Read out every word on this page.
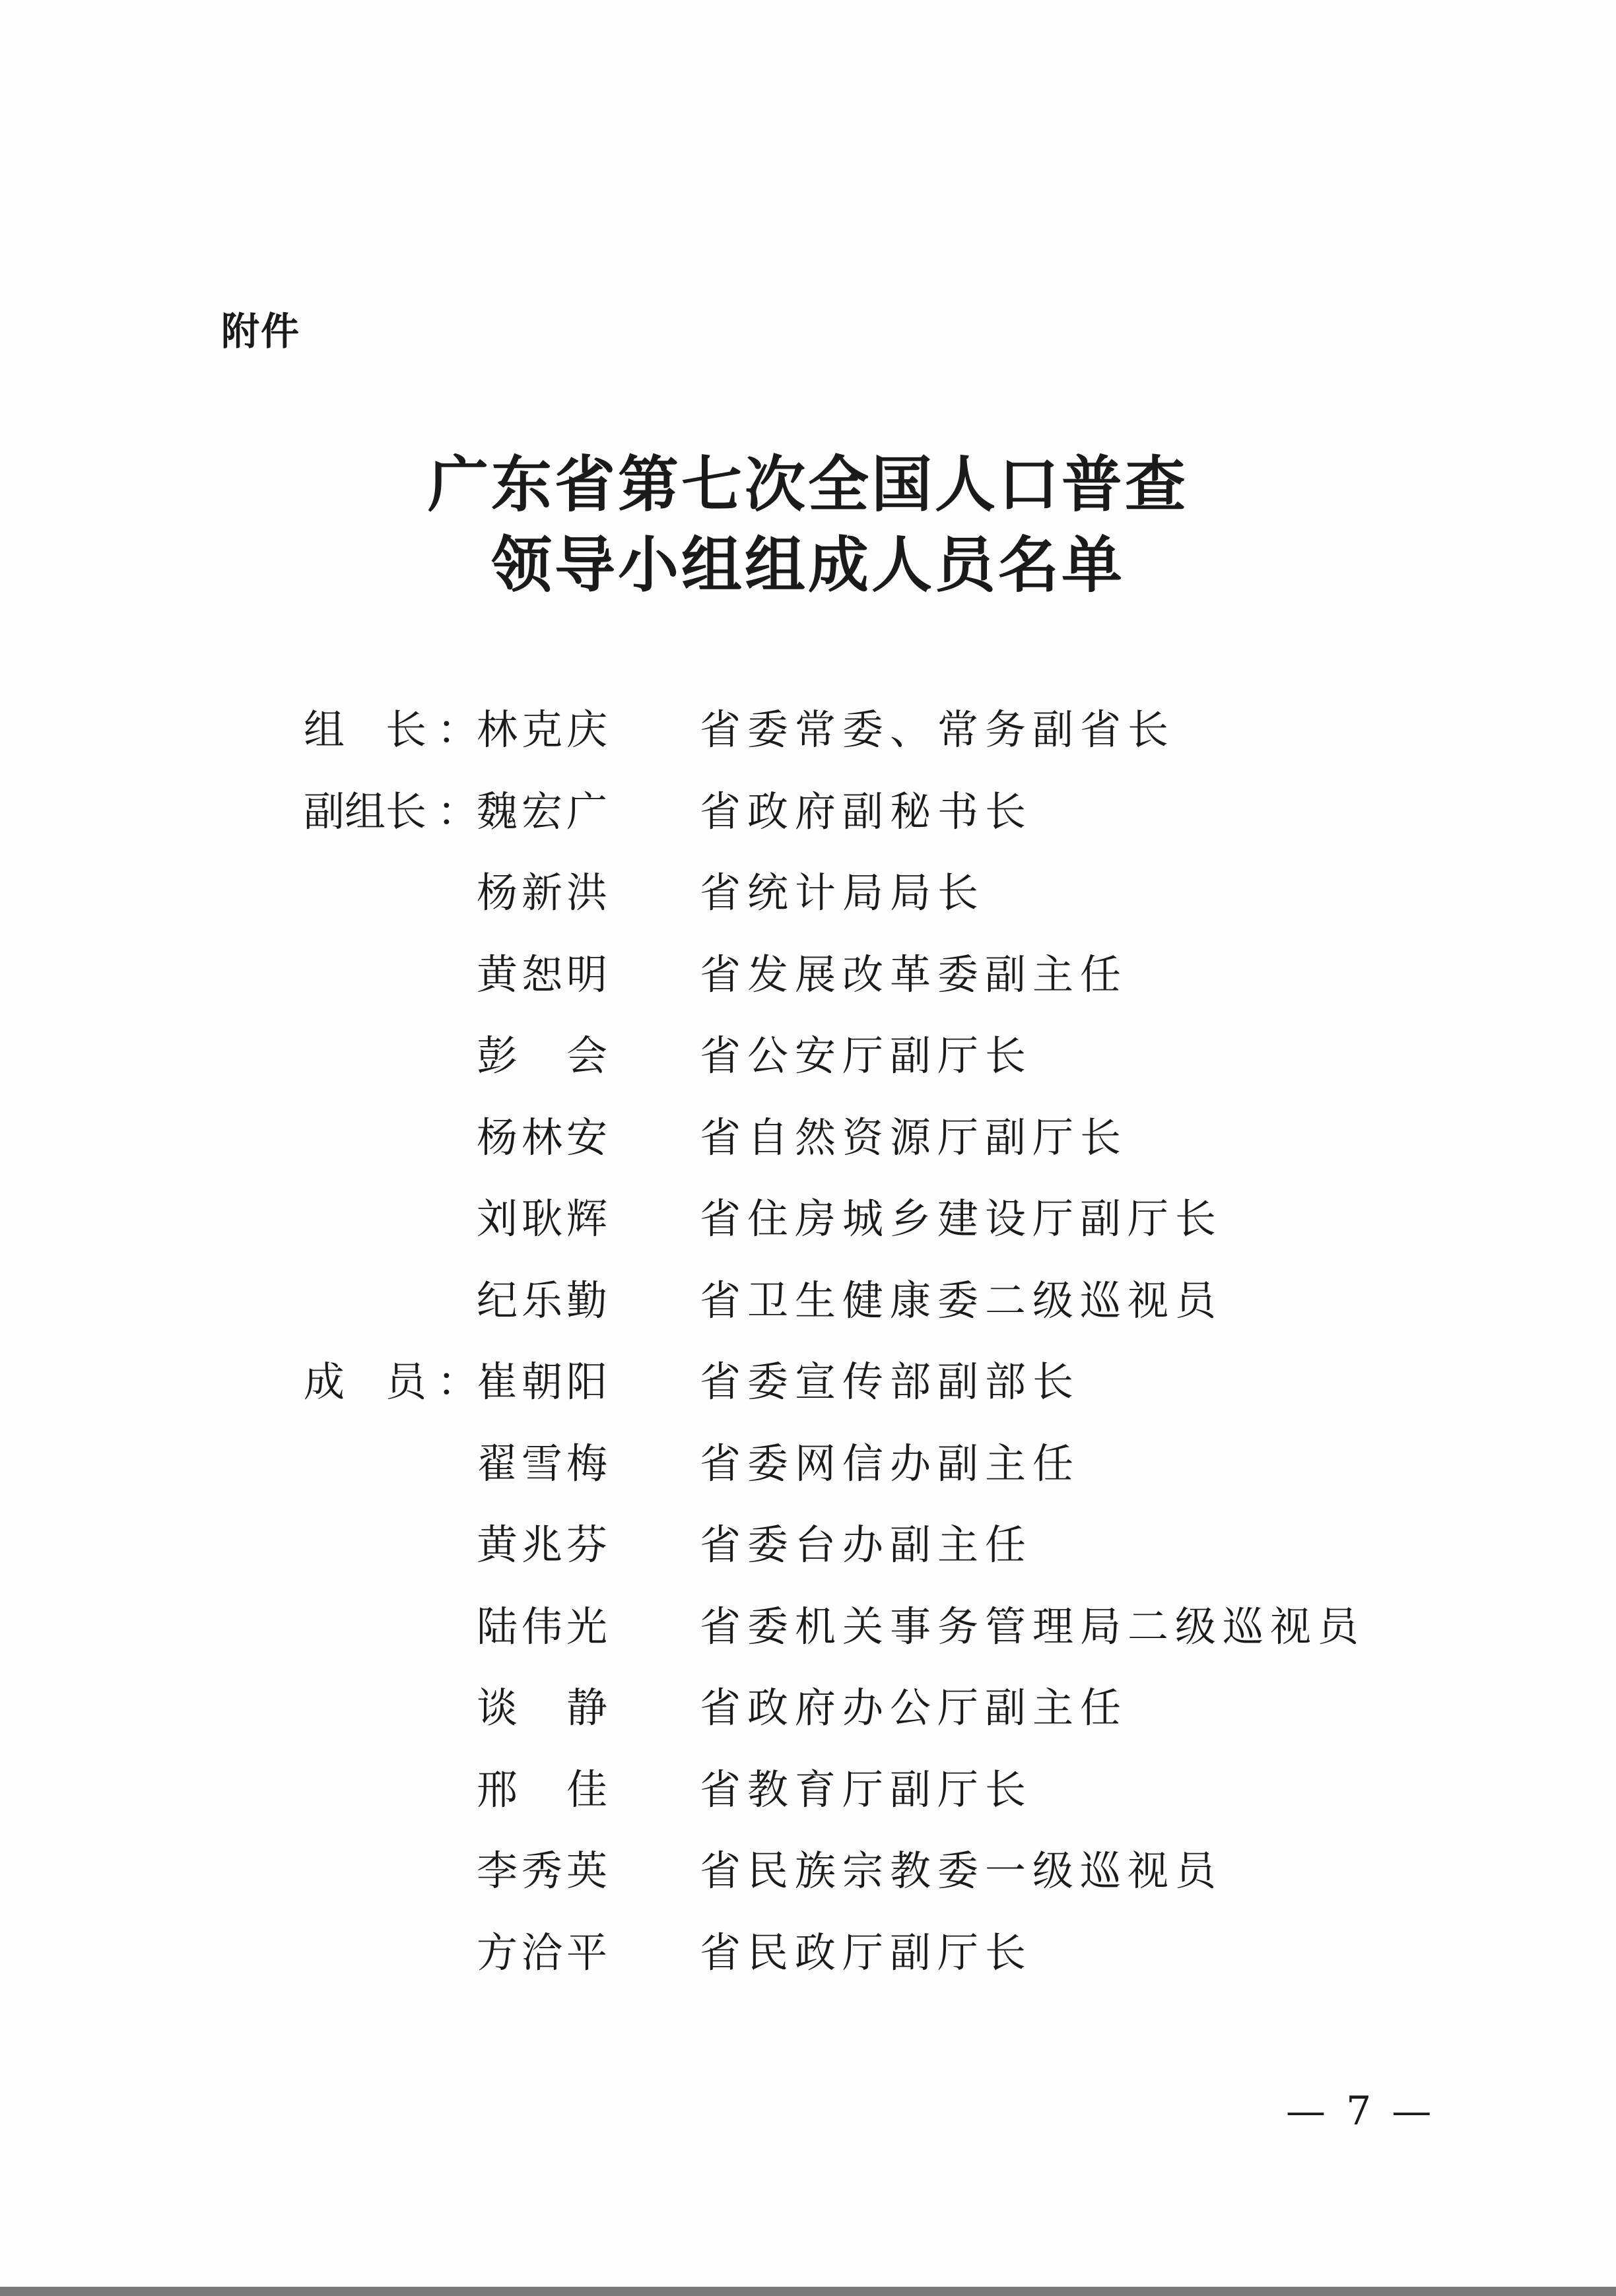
附件
广东省第七次全国人口普查
领导小组组成人员名单
组　长 ：
林克庆 省委常委、常务副省长
副组长 ：
魏宏广 省政府副秘书长
杨新洪 省统计局局长
黄恕明 省发展改革委副主任
彭　会 省公安厅副厅长
杨林安 省自然资源厅副厅长
刘耿辉 省住房城乡建设厅副厅长
纪乐勤 省卫生健康委二级巡视员
成　员 ：
崔朝阳 省委宣传部副部长
翟雪梅 省委网信办副主任
黄兆芬 省委台办副主任
陆伟光 省委机关事务管理局二级巡视员
谈　静 省政府办公厅副主任
邢　佳 省教育厅副厅长
李秀英 省民族宗教委一级巡视员
方洽平 省民政厅副厅长
— 7 —
